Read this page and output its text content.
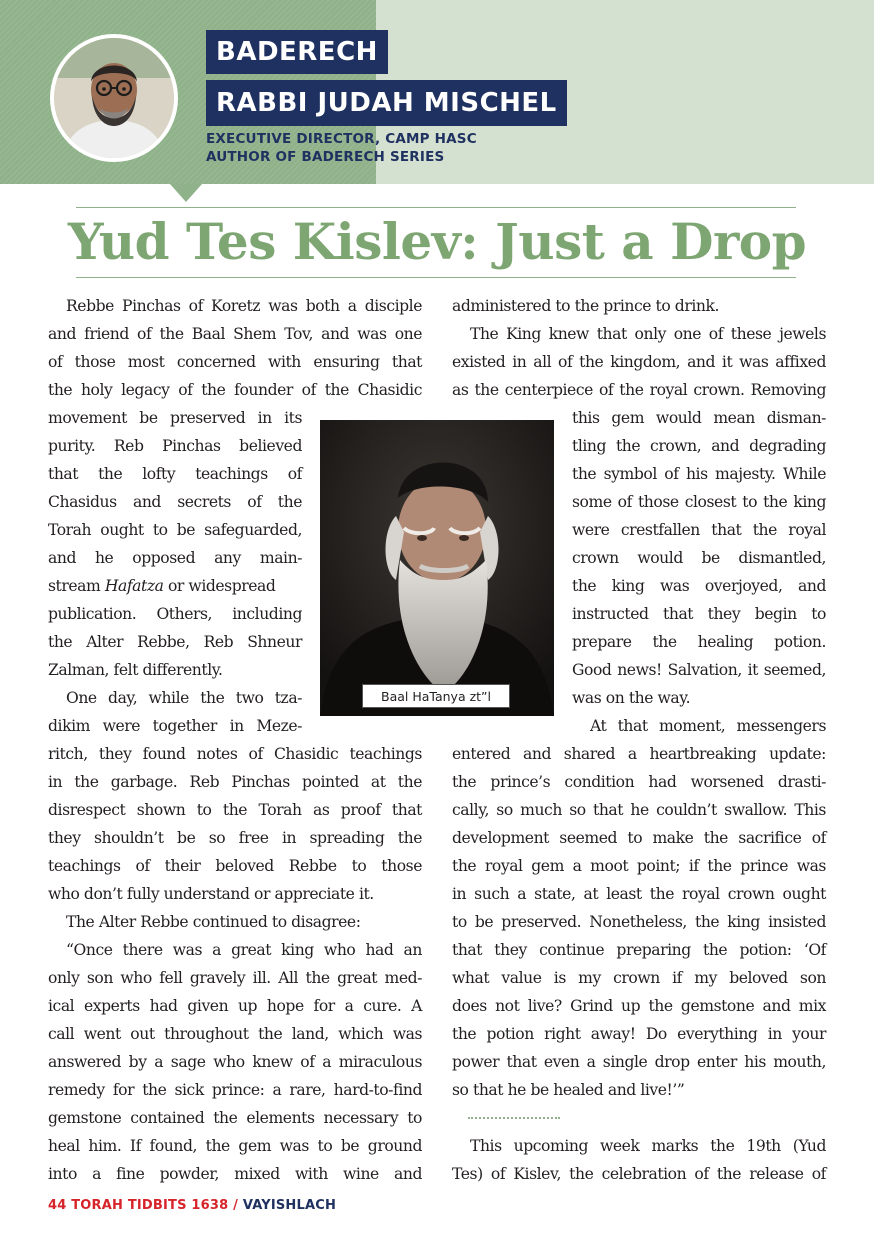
BADERECH
RABBI JUDAH MISCHEL
EXECUTIVE DIRECTOR, CAMP HASC
AUTHOR OF BADERECH SERIES
Yud Tes Kislev: Just a Drop
Rebbe Pinchas of Koretz was both a disciple
and friend of the Baal Shem Tov, and was one
of those most concerned with ensuring that
the holy legacy of the founder of the Chasidic
movement be preserved in its
purity. Reb Pinchas believed
that the lofty teachings of
Chasidus and secrets of the
Torah ought to be safeguarded,
and he opposed any main-
stream Hafatza or widespread
publication. Others, including
the Alter Rebbe, Reb Shneur
Zalman, felt differently.
One day, while the two tza-
dikim were together in Meze-
ritch, they found notes of Chasidic teachings
in the garbage. Reb Pinchas pointed at the
disrespect shown to the Torah as proof that
they shouldn’t be so free in spreading the
teachings of their beloved Rebbe to those
who don’t fully understand or appreciate it.
The Alter Rebbe continued to disagree:
“Once there was a great king who had an
only son who fell gravely ill. All the great med-
ical experts had given up hope for a cure. A
call went out throughout the land, which was
answered by a sage who knew of a miraculous
remedy for the sick prince: a rare, hard-to-find
gemstone contained the elements necessary to
heal him. If found, the gem was to be ground
into a fine powder, mixed with wine and
Baal HaTanya zt”l
administered to the prince to drink.
The King knew that only one of these jewels
existed in all of the kingdom, and it was affixed
as the centerpiece of the royal crown. Removing
this gem would mean disman-
tling the crown, and degrading
the symbol of his majesty. While
some of those closest to the king
were crestfallen that the royal
crown would be dismantled,
the king was overjoyed, and
instructed that they begin to
prepare the healing potion.
Good news! Salvation, it seemed,
was on the way.
At that moment, messengers
entered and shared a heartbreaking update:
the prince’s condition had worsened drasti-
cally, so much so that he couldn’t swallow. This
development seemed to make the sacrifice of
the royal gem a moot point; if the prince was
in such a state, at least the royal crown ought
to be preserved. Nonetheless, the king insisted
that they continue preparing the potion: ‘Of
what value is my crown if my beloved son
does not live? Grind up the gemstone and mix
the potion right away! Do everything in your
power that even a single drop enter his mouth,
so that he be healed and live!’”
This upcoming week marks the 19th (Yud
Tes) of Kislev, the celebration of the release of
44 TORAH TIDBITS 1638 / VAYISHLACH
